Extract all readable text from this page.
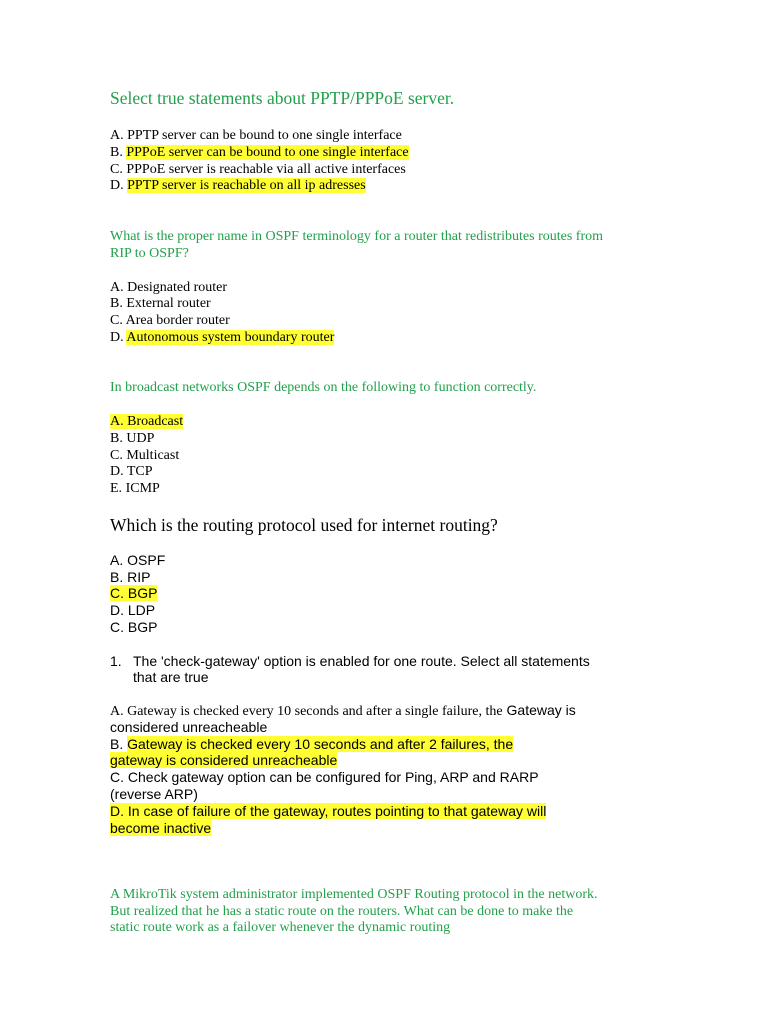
Select true statements about PPTP/PPPoE server.
A. PPTP server can be bound to one single interface
B. PPPoE server can be bound to one single interface
C. PPPoE server is reachable via all active interfaces
D. PPTP server is reachable on all ip adresses
What is the proper name in OSPF terminology for a router that redistributes routes from
RIP to OSPF?
A. Designated router
B. External router
C. Area border router
D. Autonomous system boundary router
In broadcast networks OSPF depends on the following to function correctly.
A. Broadcast
B. UDP
C. Multicast
D. TCP
E. ICMP
Which is the routing protocol used for internet routing?
A. OSPF
B. RIP
C. BGP
D. LDP
C. BGP
1. The 'check-gateway' option is enabled for one route. Select all statements
that are true
A. Gateway is checked every 10 seconds and after a single failure, the Gateway is
considered unreacheable
B. Gateway is checked every 10 seconds and after 2 failures, the
gateway is considered unreacheable
C. Check gateway option can be configured for Ping, ARP and RARP
(reverse ARP)
D. In case of failure of the gateway, routes pointing to that gateway will
become inactive
A MikroTik system administrator implemented OSPF Routing protocol in the network.
But realized that he has a static route on the routers. What can be done to make the
static route work as a failover whenever the dynamic routing
